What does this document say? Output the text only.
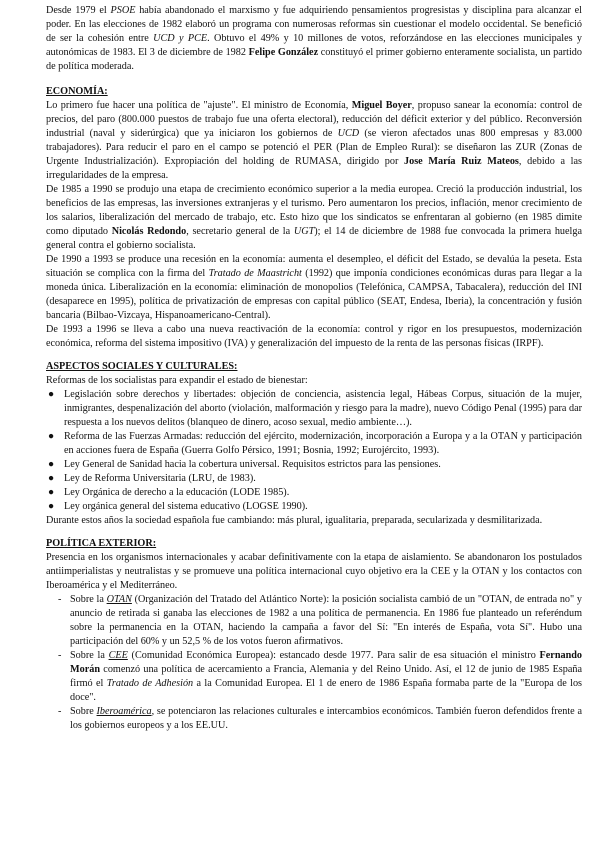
Desde 1979 el PSOE había abandonado el marxismo y fue adquiriendo pensamientos progresistas y disciplina para alcanzar el poder. En las elecciones de 1982 elaboró un programa con numerosas reformas sin cuestionar el modelo occidental. Se benefició de ser la cohesión entre UCD y PCE. Obtuvo el 49% y 10 millones de votos, reforzándose en las elecciones municipales y autonómicas de 1983. El 3 de diciembre de 1982 Felipe González constituyó el primer gobierno enteramente socialista, un partido de política moderada.

ECONOMÍA:

Lo primero fue hacer una política de "ajuste". El ministro de Economía, Miguel Boyer, propuso sanear la economía: control de precios, del paro (800.000 puestos de trabajo fue una oferta electoral), reducción del déficit exterior y del público. Reconversión industrial (naval y siderúrgica) que ya iniciaron los gobiernos de UCD (se vieron afectados unas 800 empresas y 83.000 trabajadores). Para reducir el paro en el campo se potenció el PER (Plan de Empleo Rural): se diseñaron las ZUR (Zonas de Urgente Industrialización). Expropiación del holding de RUMASA, dirigido por Jose María Ruiz Mateos, debido a las irregularidades de la empresa.

De 1985 a 1990 se produjo una etapa de crecimiento económico superior a la media europea. Creció la producción industrial, los beneficios de las empresas, las inversiones extranjeras y el turismo. Pero aumentaron los precios, inflación, menor crecimiento de los salarios, liberalización del mercado de trabajo, etc. Esto hizo que los sindicatos se enfrentaran al gobierno (en 1985 dimite como diputado Nicolás Redondo, secretario general de la UGT); el 14 de diciembre de 1988 fue convocada la primera huelga general contra el gobierno socialista.

De 1990 a 1993 se produce una recesión en la economía: aumenta el desempleo, el déficit del Estado, se devalúa la peseta. Esta situación se complica con la firma del Tratado de Maastricht (1992) que imponía condiciones económicas duras para llegar a la moneda única. Liberalización en la economía: eliminación de monopolios (Telefónica, CAMPSA, Tabacalera), reducción del INI (desaparece en 1995), política de privatización de empresas con capital público (SEAT, Endesa, Iberia), la concentración y fusión bancaria (Bilbao-Vizcaya, Hispanoamericano-Central).

De 1993 a 1996 se lleva a cabo una nueva reactivación de la economía: control y rigor en los presupuestos, modernización económica, reforma del sistema impositivo (IVA) y generalización del impuesto de la renta de las personas físicas (IRPF).

ASPECTOS SOCIALES Y CULTURALES:

Reformas de los socialistas para expandir el estado de bienestar:

● Legislación sobre derechos y libertades: objeción de conciencia, asistencia legal, Hábeas Corpus, situación de la mujer, inmigrantes, despenalización del aborto (violación, malformación y riesgo para la madre), nuevo Código Penal (1995) para dar respuesta a los nuevos delitos (blanqueo de dinero, acoso sexual, medio ambiente…).
● Reforma de las Fuerzas Armadas: reducción del ejército, modernización, incorporación a Europa y a la OTAN y participación en acciones fuera de España (Guerra Golfo Pérsico, 1991; Bosnia, 1992; Eurojército, 1993).
● Ley General de Sanidad hacia la cobertura universal. Requisitos estrictos para las pensiones.
● Ley de Reforma Universitaria (LRU, de 1983).
● Ley Orgánica de derecho a la educación (LODE 1985).
● Ley orgánica general del sistema educativo (LOGSE 1990).

Durante estos años la sociedad española fue cambiando: más plural, igualitaria, preparada, secularizada y desmilitarizada.

POLÍTICA EXTERIOR:

Presencia en los organismos internacionales y acabar definitivamente con la etapa de aislamiento. Se abandonaron los postulados antiimperialistas y neutralistas y se promueve una política internacional cuyo objetivo era la CEE y la OTAN y los contactos con Iberoamérica y el Mediterráneo.

- Sobre la OTAN (Organización del Tratado del Atlántico Norte): la posición socialista cambió de un "OTAN, de entrada no" y anuncio de retirada si ganaba las elecciones de 1982 a una política de permanencia. En 1986 fue planteado un referéndum sobre la permanencia en la OTAN, haciendo la campaña a favor del Sí: "En interés de España, vota Sí". Hubo una participación del 60% y un 52,5 % de los votos fueron afirmativos.
- Sobre la CEE (Comunidad Económica Europea): estancado desde 1977. Para salir de esa situación el ministro Fernando Morán comenzó una política de acercamiento a Francia, Alemania y del Reino Unido. Así, el 12 de junio de 1985 España firmó el Tratado de Adhesión a la Comunidad Europea. El 1 de enero de 1986 España formaba parte de la "Europa de los doce".
- Sobre Iberoamérica, se potenciaron las relaciones culturales e intercambios económicos. También fueron defendidos frente a los gobiernos europeos y a los EE.UU.
